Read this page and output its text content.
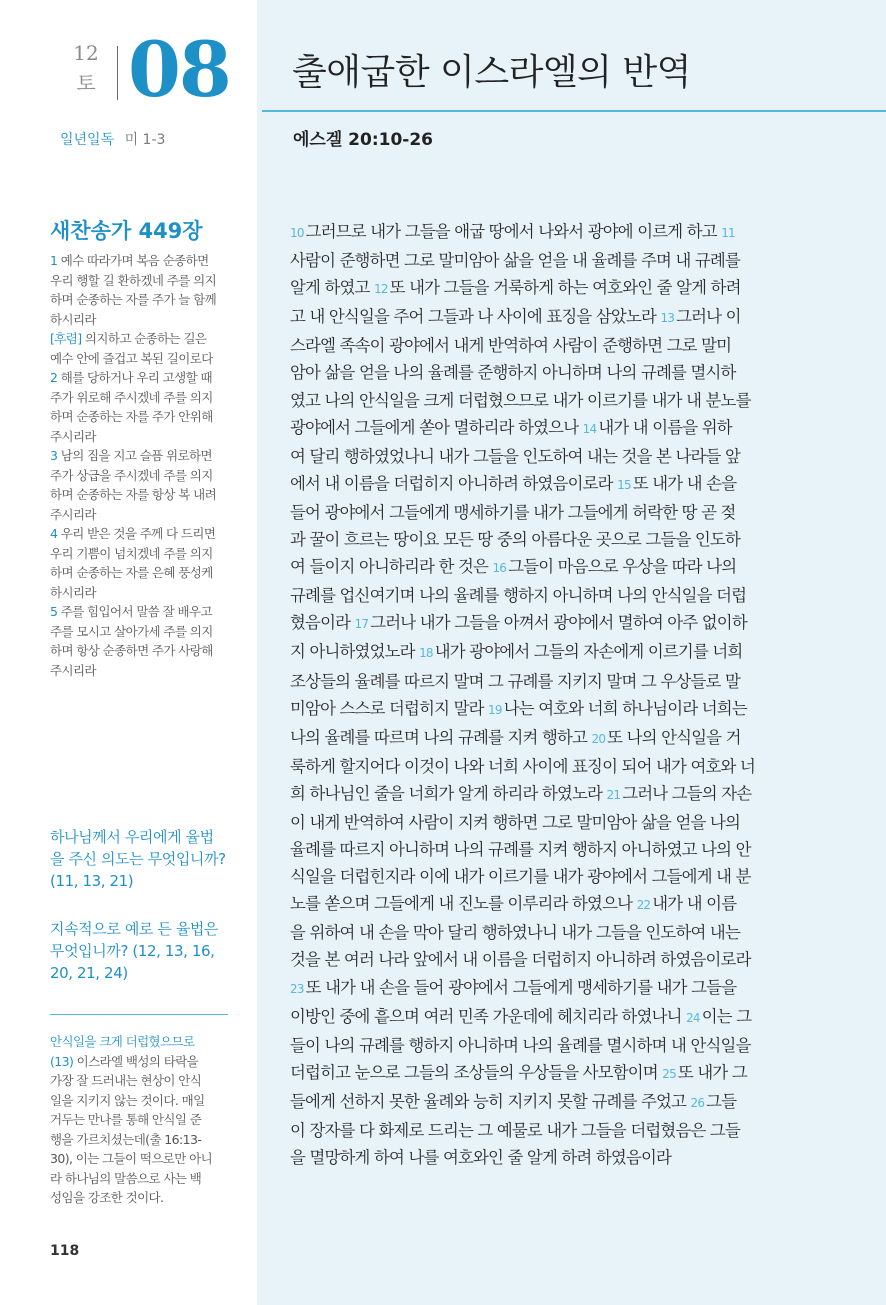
12
토 08
일년일독 미 1-3
출애굽한 이스라엘의 반역
에스겔 20:10-26
새찬송가 449장
1 예수 따라가며 복음 순종하면
우리 행할 길 환하겠네 주를 의지
하며 순종하는 자를 주가 늘 함께
하시리라
[후렴] 의지하고 순종하는 길은
예수 안에 즐겁고 복된 길이로다
2 해를 당하거나 우리 고생할 때
주가 위로해 주시겠네 주를 의지
하며 순종하는 자를 주가 안위해
주시리라
3 남의 짐을 지고 슬픔 위로하면
주가 상급을 주시겠네 주를 의지
하며 순종하는 자를 항상 복 내려
주시리라
4 우리 받은 것을 주께 다 드리면
우리 기쁨이 넘치겠네 주를 의지
하며 순종하는 자를 은혜 풍성케
하시리라
5 주를 힘입어서 말씀 잘 배우고
주를 모시고 살아가세 주를 의지
하며 항상 순종하면 주가 사랑해
주시리라
하나님께서 우리에게 율법
을 주신 의도는 무엇입니까?
(11, 13, 21)
지속적으로 예로 든 율법은
무엇입니까? (12, 13, 16,
20, 21, 24)
안식일을 크게 더럽혔으므로
(13) 이스라엘 백성의 타락을
가장 잘 드러내는 현상이 안식
일을 지키지 않는 것이다. 매일
거두는 만나를 통해 안식일 준
행을 가르치셨는데(출 16:13-
30), 이는 그들이 떡으로만 아니
라 하나님의 말씀으로 사는 백
성임을 강조한 것이다.
118
10 그러므로 내가 그들을 애굽 땅에서 나와서 광야에 이르게 하고 11
사람이 준행하면 그로 말미암아 삶을 얻을 내 율례를 주며 내 규례를
알게 하였고 12 또 내가 그들을 거룩하게 하는 여호와인 줄 알게 하려
고 내 안식일을 주어 그들과 나 사이에 표징을 삼았노라 13 그러나 이
스라엘 족속이 광야에서 내게 반역하여 사람이 준행하면 그로 말미
암아 삶을 얻을 나의 율례를 준행하지 아니하며 나의 규례를 멸시하
였고 나의 안식일을 크게 더럽혔으므로 내가 이르기를 내가 내 분노를
광야에서 그들에게 쏟아 멸하리라 하였으나 14 내가 내 이름을 위하
여 달리 행하였었나니 내가 그들을 인도하여 내는 것을 본 나라들 앞
에서 내 이름을 더럽히지 아니하려 하였음이로라 15 또 내가 내 손을
들어 광야에서 그들에게 맹세하기를 내가 그들에게 허락한 땅 곧 젖
과 꿀이 흐르는 땅이요 모든 땅 중의 아름다운 곳으로 그들을 인도하
여 들이지 아니하리라 한 것은 16 그들이 마음으로 우상을 따라 나의
규례를 업신여기며 나의 율례를 행하지 아니하며 나의 안식일을 더럽
혔음이라 17 그러나 내가 그들을 아껴서 광야에서 멸하여 아주 없이하
지 아니하였었노라 18 내가 광야에서 그들의 자손에게 이르기를 너희
조상들의 율례를 따르지 말며 그 규례를 지키지 말며 그 우상들로 말
미암아 스스로 더럽히지 말라 19 나는 여호와 너희 하나님이라 너희는
나의 율례를 따르며 나의 규례를 지켜 행하고 20 또 나의 안식일을 거
룩하게 할지어다 이것이 나와 너희 사이에 표징이 되어 내가 여호와 너
희 하나님인 줄을 너희가 알게 하리라 하였노라 21 그러나 그들의 자손
이 내게 반역하여 사람이 지켜 행하면 그로 말미암아 삶을 얻을 나의
율례를 따르지 아니하며 나의 규례를 지켜 행하지 아니하였고 나의 안
식일을 더럽힌지라 이에 내가 이르기를 내가 광야에서 그들에게 내 분
노를 쏟으며 그들에게 내 진노를 이루리라 하였으나 22 내가 내 이름
을 위하여 내 손을 막아 달리 행하였나니 내가 그들을 인도하여 내는
것을 본 여러 나라 앞에서 내 이름을 더럽히지 아니하려 하였음이로라
23 또 내가 내 손을 들어 광야에서 그들에게 맹세하기를 내가 그들을
이방인 중에 흩으며 여러 민족 가운데에 헤치리라 하였나니 24 이는 그
들이 나의 규례를 행하지 아니하며 나의 율례를 멸시하며 내 안식일을
더럽히고 눈으로 그들의 조상들의 우상들을 사모함이며 25 또 내가 그
들에게 선하지 못한 율례와 능히 지키지 못할 규례를 주었고 26 그들
이 장자를 다 화제로 드리는 그 예물로 내가 그들을 더럽혔음은 그들
을 멸망하게 하여 나를 여호와인 줄 알게 하려 하였음이라
